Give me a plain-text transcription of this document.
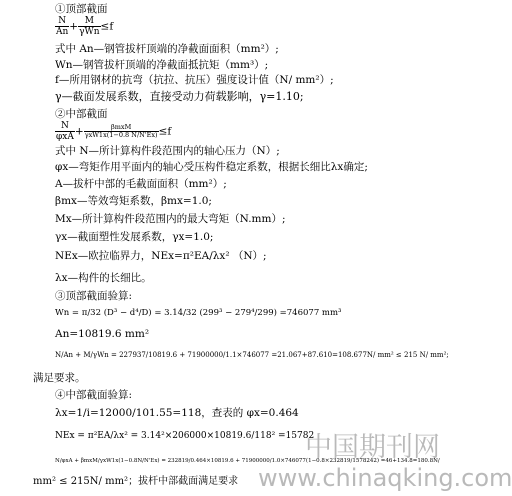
①顶部截面
$\frac{N}{An} + \frac{M}{\text{γWn}} \le f$
式中 An—钢管拔杆顶端的净截面面积（mm²）;
Wn—钢管拔杆顶端的净截面抵抗矩（mm³）;
f—所用钢材的抗弯（抗拉、抗压）强度设计值（N/ mm²）;
γ—截面发展系数，直接受动力荷载影响，γ=1.10;
②中部截面
$\frac{N}{\text{φxA}} + \frac{\text{βmxM}}{\text{γxW1x(1−0.8 N/N'Ex)}} \le f$
式中 N—所计算构件段范围内的轴心压力（N）;
φx—弯矩作用平面内的轴心受压构件稳定系数，根据长细比λx确定;
A—拔杆中部的毛截面面积（mm²）;
βmx—等效弯矩系数，βmx=1.0;
Mx—所计算构件段范围内的最大弯矩（N.mm）;
γx—截面塑性发展系数，γx=1.0;
NEx—欧拉临界力，NEx=π²EA/λx² （N）;
λx—构件的长细比。
③顶部截面验算:
Wn = π/32 (D³ − d⁴/D) = 3.14/32 (299³ − 279⁴/299) =746077 mm³
An=10819.6 mm²
N/An + M/γWn = 227937/10819.6 + 71900000/1.1×746077 =21.067+87.610=108.677N/ mm² ≤ 215 N/ mm²;
满足要求。
④中部截面验算:
λx=1/i=12000/101.55=118，查表的 φx=0.464
NEx = π²EA/λx² = 3.14²×206000×10819.6/118² =15782
N/φxA + βmxM/γxW1x(1−0.8N/N'Ex) = 232819/0.464×10819.6 + 71900000/1.0×746077(1−0.8×232819/1578242) =46+134.8=180.8N/
mm² ≤ 215N/ mm²；拔杆中部截面满足要求
中国期刊网
www.chinaqking.com
